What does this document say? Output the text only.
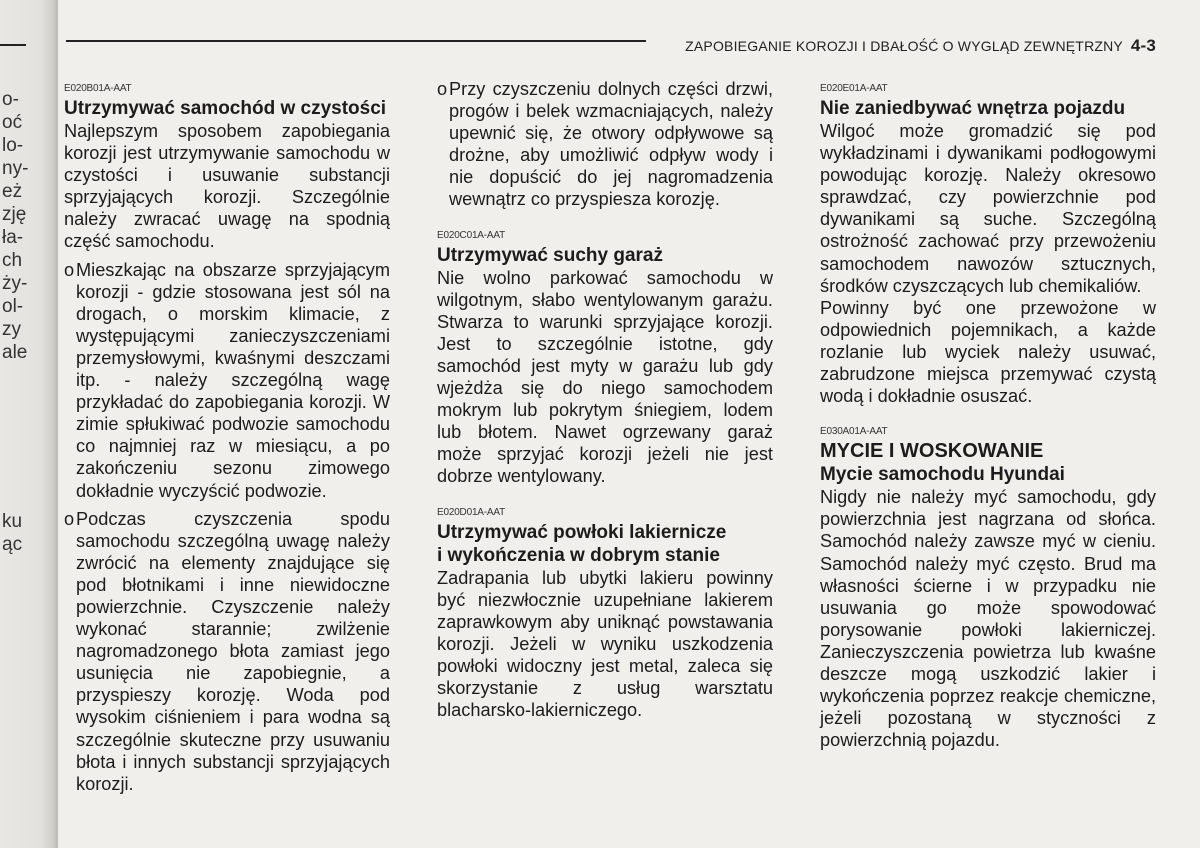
o-
oć
lo-
ny-
eż
zję
ła-
ch
ży-
ol-
zy
ale
ku
ąc
ZAPOBIEGANIE KOROZJI I DBAŁOŚĆ O WYGLĄD ZEWNĘTRZNY 4-3
E020B01A-AAT
Utrzymywać samochód w czystości

Najlepszym sposobem zapobiegania korozji jest utrzymywanie samochodu w czystości i usuwanie substancji sprzyjających korozji. Szczególnie należy zwracać uwagę na spodnią część samochodu.

o Mieszkając na obszarze sprzyjającym korozji - gdzie stosowana jest sól na drogach, o morskim klimacie, z występującymi zanieczyszczeniami przemysłowymi, kwaśnymi deszczami itp. - należy szczególną wagę przykładać do zapobiegania korozji. W zimie spłukiwać podwozie samochodu co najmniej raz w miesiącu, a po zakończeniu sezonu zimowego dokładnie wyczyścić podwozie.
o Podczas czyszczenia spodu samochodu szczególną uwagę należy zwrócić na elementy znajdujące się pod błotnikami i inne niewidoczne powierzchnie. Czyszczenie należy wykonać starannie; zwilżenie nagromadzonego błota zamiast jego usunięcia nie zapobiegnie, a przyspieszy korozję. Woda pod wysokim ciśnieniem i para wodna są szczególnie skuteczne przy usuwaniu błota i innych substancji sprzyjających korozji.
o Przy czyszczeniu dolnych części drzwi, progów i belek wzmacniających, należy upewnić się, że otwory odpływowe są drożne, aby umożliwić odpływ wody i nie dopuścić do jej nagromadzenia wewnątrz co przyspiesza korozję.
E020C01A-AAT
Utrzymywać suchy garaż

Nie wolno parkować samochodu w wilgotnym, słabo wentylowanym garażu. Stwarza to warunki sprzyjające korozji. Jest to szczególnie istotne, gdy samochód jest myty w garażu lub gdy wjeżdża się do niego samochodem mokrym lub pokrytym śniegiem, lodem lub błotem. Nawet ogrzewany garaż może sprzyjać korozji jeżeli nie jest dobrze wentylowany.

E020D01A-AAT
Utrzymywać powłoki lakiernicze
i wykończenia w dobrym stanie

Zadrapania lub ubytki lakieru powinny być niezwłocznie uzupełniane lakierem zaprawkowym aby uniknąć powstawania korozji. Jeżeli w wyniku uszkodzenia powłoki widoczny jest metal, zaleca się skorzystanie z usług warsztatu blacharsko-lakierniczego.

E020E01A-AAT
Nie zaniedbywać wnętrza pojazdu

Wilgoć może gromadzić się pod wykładzinami i dywanikami podłogowymi powodując korozję. Należy okresowo sprawdzać, czy powierzchnie pod dywanikami są suche. Szczególną ostrożność zachować przy przewożeniu samochodem nawozów sztucznych, środków czyszczących lub chemikaliów.

Powinny być one przewożone w odpowiednich pojemnikach, a każde rozlanie lub wyciek należy usuwać, zabrudzone miejsca przemywać czystą wodą i dokładnie osuszać.

E030A01A-AAT
MYCIE I WOSKOWANIE
Mycie samochodu Hyundai

Nigdy nie należy myć samochodu, gdy powierzchnia jest nagrzana od słońca. Samochód należy zawsze myć w cieniu. Samochód należy myć często. Brud ma własności ścierne i w przypadku nie usuwania go może spowodować porysowanie powłoki lakierniczej. Zanieczyszczenia powietrza lub kwaśne deszcze mogą uszkodzić lakier i wykończenia poprzez reakcje chemiczne, jeżeli pozostaną w styczności z powierzchnią pojazdu.
